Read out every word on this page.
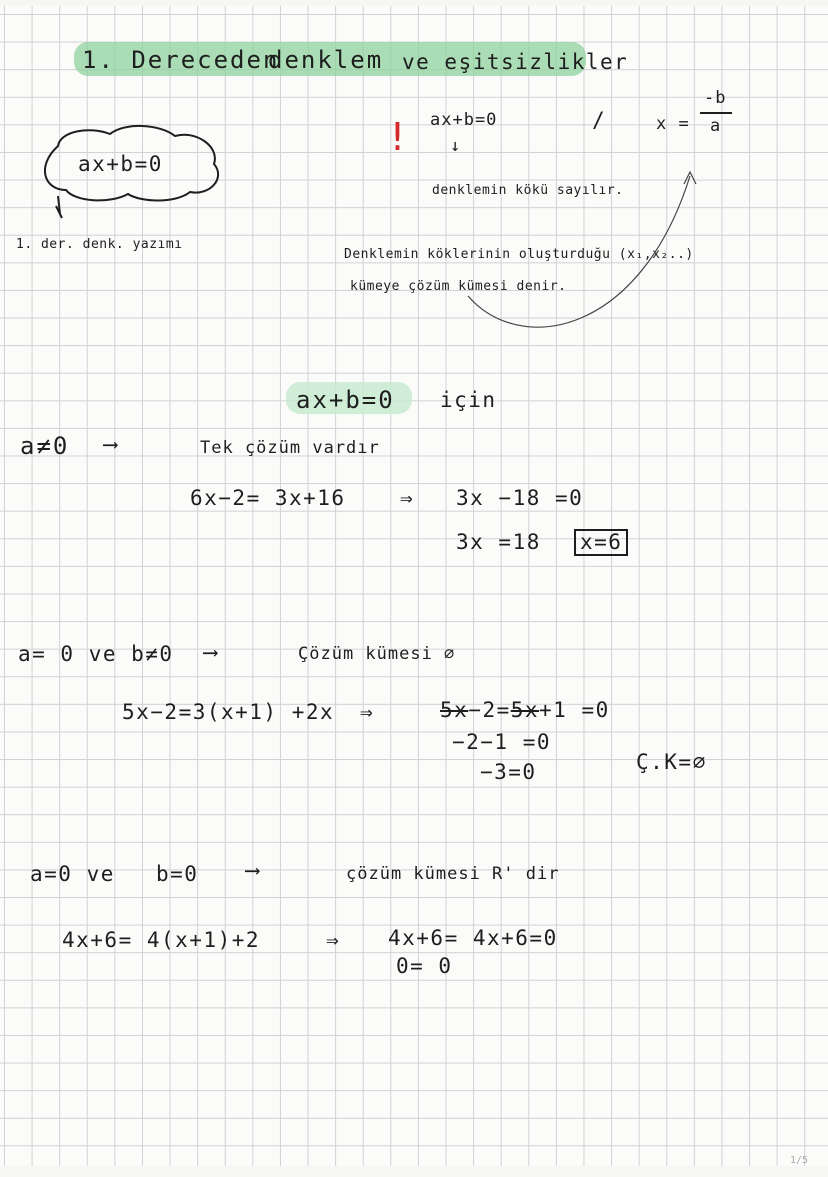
1. Dereceden
denklem ve eşitsizlikler
ax+b=0
1. der. denk. yazımı
! ax+b=0
↓
denklemin kökü sayılır.
/	x =
-b
a
Denklemin köklerinin oluşturduğu (x₁,x₂..)
kümeye çözüm kümesi denir.
ax+b=0 için
a≠0 ⟶	Tek çözüm vardır
6x−2= 3x+16	⇒ 3x −18 =0
3x =18 x=6
a= 0 ve b≠0 ⟶	Çözüm kümesi ∅
5x−2=3(x+1) +2x ⇒	5x−2=5x+1 =0
−2−1 =0
−3=0	Ç.K=∅
a=0 ve b=0 ⟶	çözüm kümesi R' dir
4x+6= 4(x+1)+2	⇒ 4x+6= 4x+6=0
0= 0
1/5
